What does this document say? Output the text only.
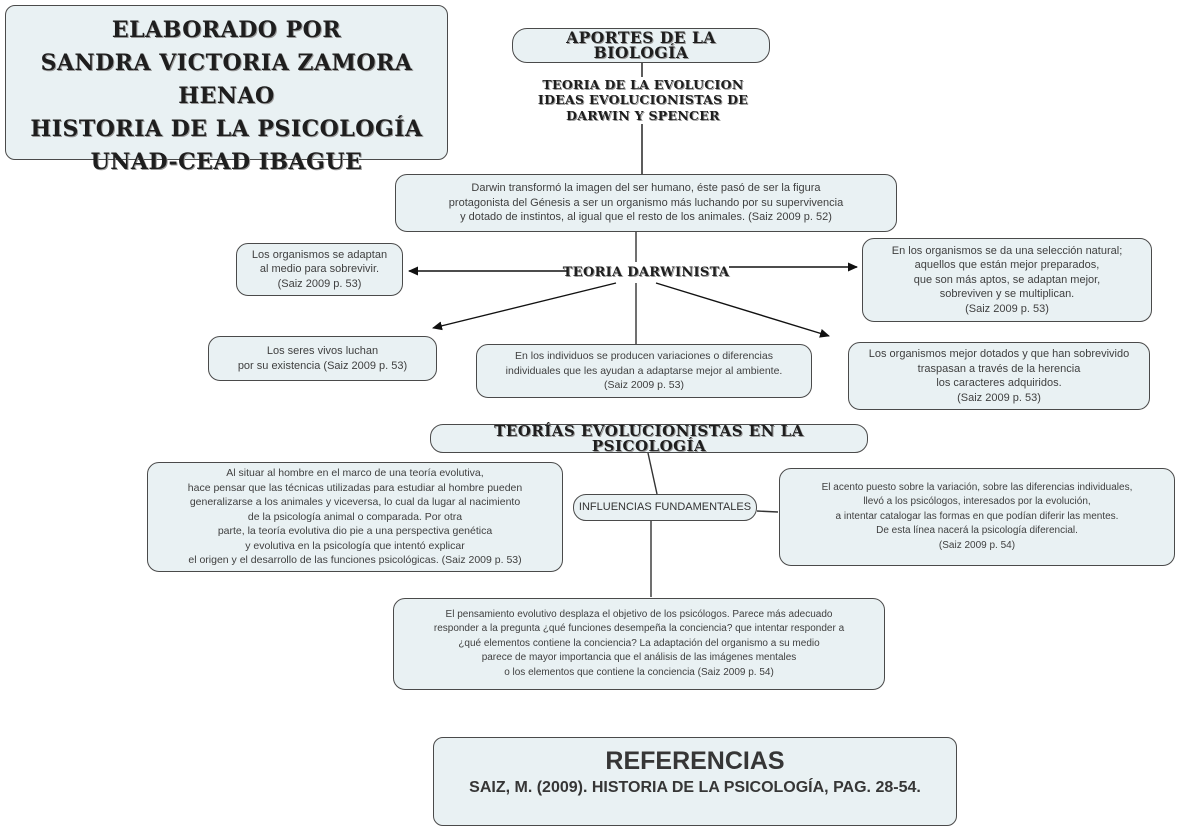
ELABORADO POR
SANDRA VICTORIA ZAMORA HENAO
HISTORIA DE LA PSICOLOGÍA
UNAD-CEAD IBAGUE
APORTES DE LA BIOLOGÍA
TEORIA DE LA EVOLUCION
IDEAS EVOLUCIONISTAS DE
DARWIN Y SPENCER
Darwin transformó la imagen del ser humano, éste pasó de ser la figura
protagonista del Génesis a ser un organismo más luchando por su supervivencia
y dotado de instintos, al igual que el resto de los animales. (Saiz 2009 p. 52)
Los organismos se adaptan
al medio para sobrevivir.
(Saiz 2009 p. 53)
TEORIA DARWINISTA
En los organismos se da una selección natural;
aquellos que están mejor preparados,
que son más aptos, se adaptan mejor,
sobreviven y se multiplican.
(Saiz 2009 p. 53)
Los seres vivos luchan
por su existencia (Saiz 2009 p. 53)
En los individuos se producen variaciones o diferencias
individuales que les ayudan a adaptarse mejor al ambiente.
(Saiz 2009 p. 53)
Los organismos mejor dotados y que han sobrevivido
traspasan a través de la herencia
los caracteres adquiridos.
(Saiz 2009 p. 53)
TEORÍAS EVOLUCIONISTAS EN LA PSICOLOGÍA
Al situar al hombre en el marco de una teoría evolutiva,
hace pensar que las técnicas utilizadas para estudiar al hombre pueden
generalizarse a los animales y viceversa, lo cual da lugar al nacimiento
de la psicología animal o comparada. Por otra
parte, la teoría evolutiva dio pie a una perspectiva genética
y evolutiva en la psicología que intentó explicar
el origen y el desarrollo de las funciones psicológicas. (Saiz 2009 p. 53)
INFLUENCIAS FUNDAMENTALES
El acento puesto sobre la variación, sobre las diferencias individuales,
llevó a los psicólogos, interesados por la evolución,
a intentar catalogar las formas en que podían diferir las mentes.
De esta línea nacerá la psicología diferencial.
(Saiz 2009 p. 54)
El pensamiento evolutivo desplaza el objetivo de los psicólogos. Parece más adecuado
responder a la pregunta ¿qué funciones desempeña la conciencia? que intentar responder a
¿qué elementos contiene la conciencia? La adaptación del organismo a su medio
parece de mayor importancia que el análisis de las imágenes mentales
o los elementos que contiene la conciencia (Saiz 2009 p. 54)
REFERENCIAS
SAIZ, M. (2009). HISTORIA DE LA PSICOLOGÍA, PAG. 28-54.
